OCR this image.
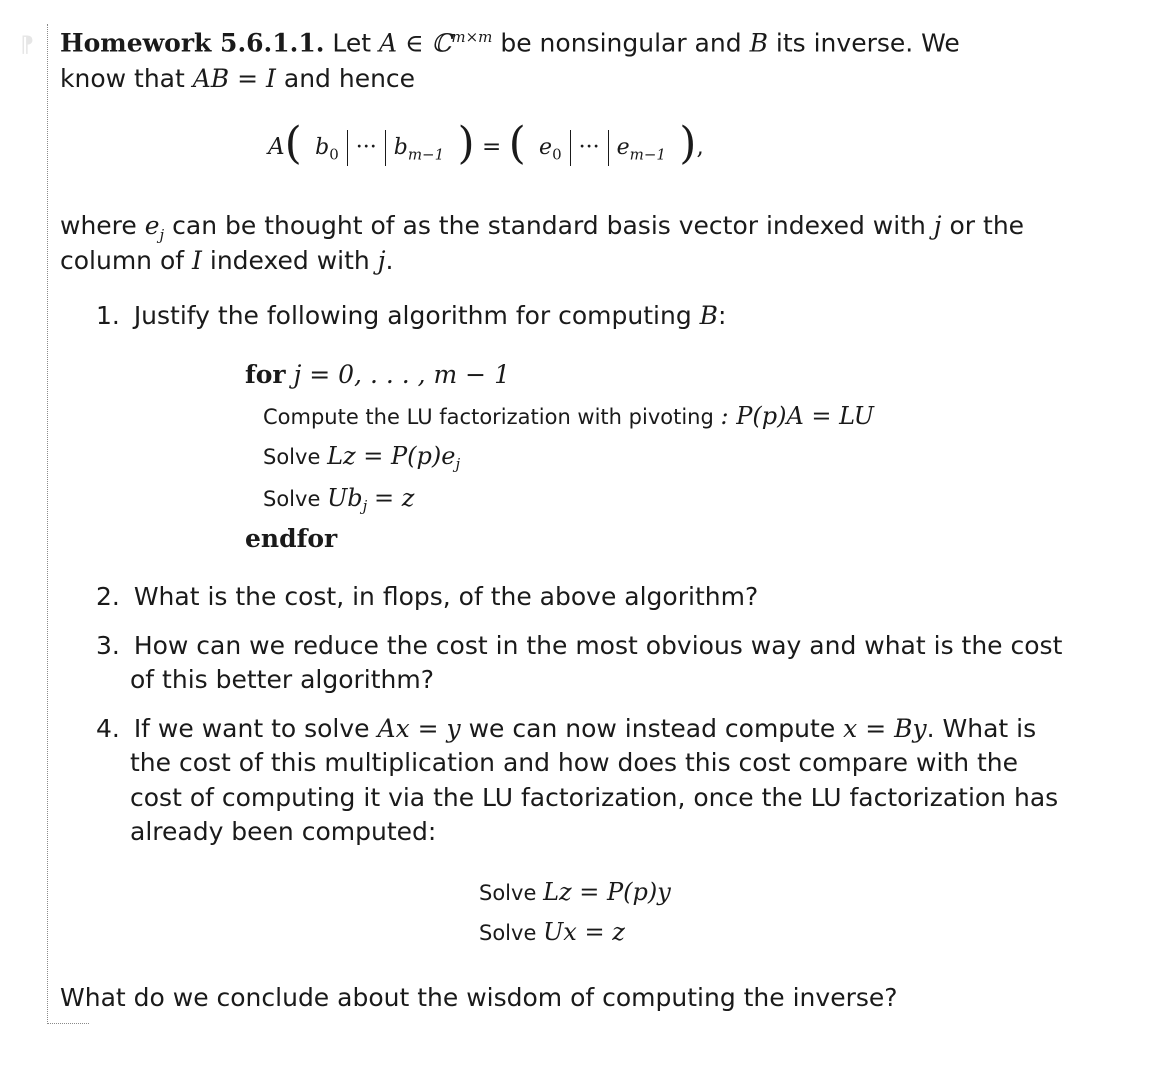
⁋ Homework 5.6.1.1. Let A ∈ ℂ$^{m\times m}$ be nonsingular and B its inverse. We
know that AB = I and hence
A( $b_0$ ··· $b_{m-1}$ ) = ( $e_0$ ··· $e_{m-1}$ ),
where $e_j$ can be thought of as the standard basis vector indexed with j or the
column of I indexed with j.
1. Justify the following algorithm for computing B:
for j = 0, . . . , m − 1
Compute the LU factorization with pivoting : P(p)A = LU
Solve $Lz = P(p)e_j$
Solve $Ub_j = z$
endfor
2. What is the cost, in flops, of the above algorithm?
3. How can we reduce the cost in the most obvious way and what is the cost
of this better algorithm?
4. If we want to solve Ax = y we can now instead compute x = By. What is
the cost of this multiplication and how does this cost compare with the
cost of computing it via the LU factorization, once the LU factorization has
already been computed:
Solve Lz = P(p)y
Solve Ux = z
What do we conclude about the wisdom of computing the inverse?
